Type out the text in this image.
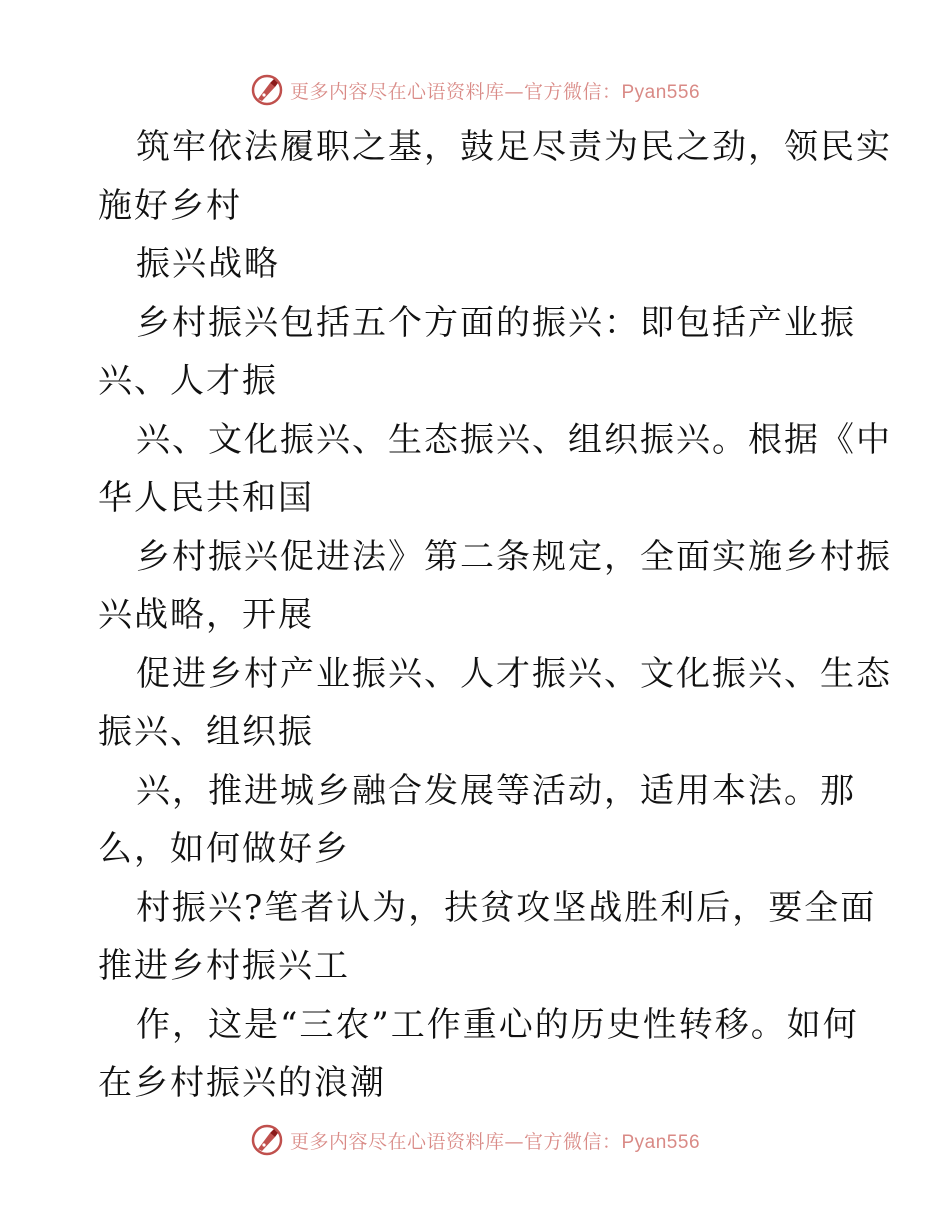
更多内容尽在心语资料库—官方微信：Pyan556
筑牢依法履职之基，鼓足尽责为民之劲，领民实
施好乡村
振兴战略
乡村振兴包括五个方面的振兴：即包括产业振
兴、人才振
兴、文化振兴、生态振兴、组织振兴。根据《中
华人民共和国
乡村振兴促进法》第二条规定，全面实施乡村振
兴战略，开展
促进乡村产业振兴、人才振兴、文化振兴、生态
振兴、组织振
兴，推进城乡融合发展等活动，适用本法。那
么，如何做好乡
村振兴?笔者认为，扶贫攻坚战胜利后，要全面
推进乡村振兴工
作，这是“三农”工作重心的历史性转移。如何
在乡村振兴的浪潮
更多内容尽在心语资料库—官方微信：Pyan556
